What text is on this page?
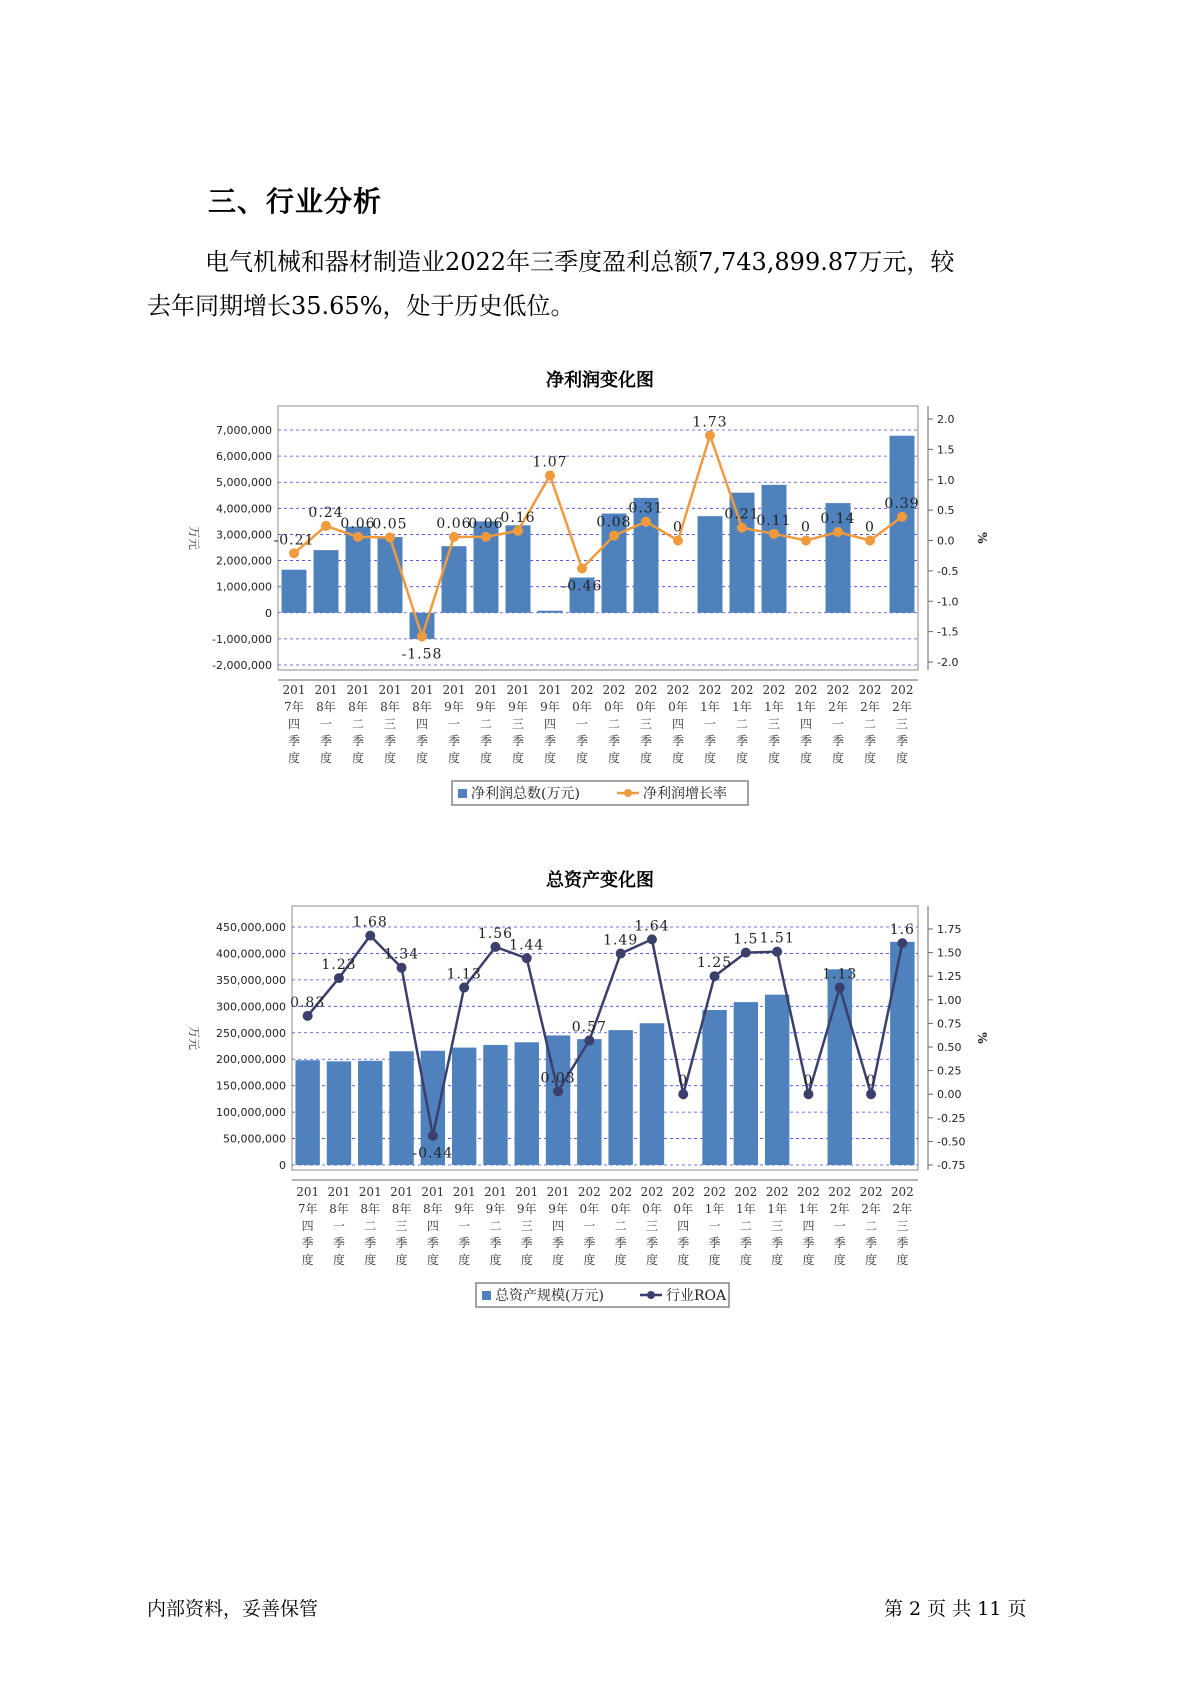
三、行业分析
电气机械和器材制造业2022年三季度盈利总额7,743,899.87万元，较
去年同期增长35.65%，处于历史低位。
净利润变化图
7,000,000
6,000,000
5,000,000
4,000,000
3,000,000
2,000,000
1,000,000
0
-1,000,000
-2,000,000
2.0
1.5
1.0
0.5
0.0
-0.5
-1.0
-1.5
-2.0
万元	%
-0.21
0.24
0.06
0.05
-1.58
0.06
0.06
0.16
1.07
-0.46
0.08
0.31
0
1.73
0.21
0.11 0
0.14
0
0.39
201
7年
四
季
度
201
8年
一
季
度
201
8年
二
季
度
201
8年
三
季
度
201
8年
四
季
度
201
9年
一
季
度
201
9年
二
季
度
201
9年
三
季
度
201
9年
四
季
度
202
0年
一
季
度
202
0年
二
季
度
202
0年
三
季
度
202
0年
四
季
度
202
1年
一
季
度
202
1年
二
季
度
202
1年
三
季
度
202
1年
四
季
度
202
2年
一
季
度
202
2年
二
季
度
202
2年
三
季
度
净利润总数(万元)	净利润增长率
总资产变化图
450,000,000
400,000,000
350,000,000
300,000,000
250,000,000
200,000,000
150,000,000
100,000,000
50,000,000
0
1.75
1.50
1.25
1.00
0.75
0.50
0.25
0.00
-0.25
-0.50
-0.75
万元	%
0.83
1.23
1.68
1.34
-0.44
1.13
1.56
1.44
0.03
0.57
1.49
1.64
0
1.25
1.5 1.51
0
1.13
0
1.6
201
7年
四
季
度
201
8年
一
季
度
201
8年
二
季
度
201
8年
三
季
度
201
8年
四
季
度
201
9年
一
季
度
201
9年
二
季
度
201
9年
三
季
度
201
9年
四
季
度
202
0年
一
季
度
202
0年
二
季
度
202
0年
三
季
度
202
0年
四
季
度
202
1年
一
季
度
202
1年
二
季
度
202
1年
三
季
度
202
1年
四
季
度
202
2年
一
季
度
202
2年
二
季
度
202
2年
三
季
度
总资产规模(万元)	行业ROA
内部资料，妥善保管	第 2 页 共 11 页
